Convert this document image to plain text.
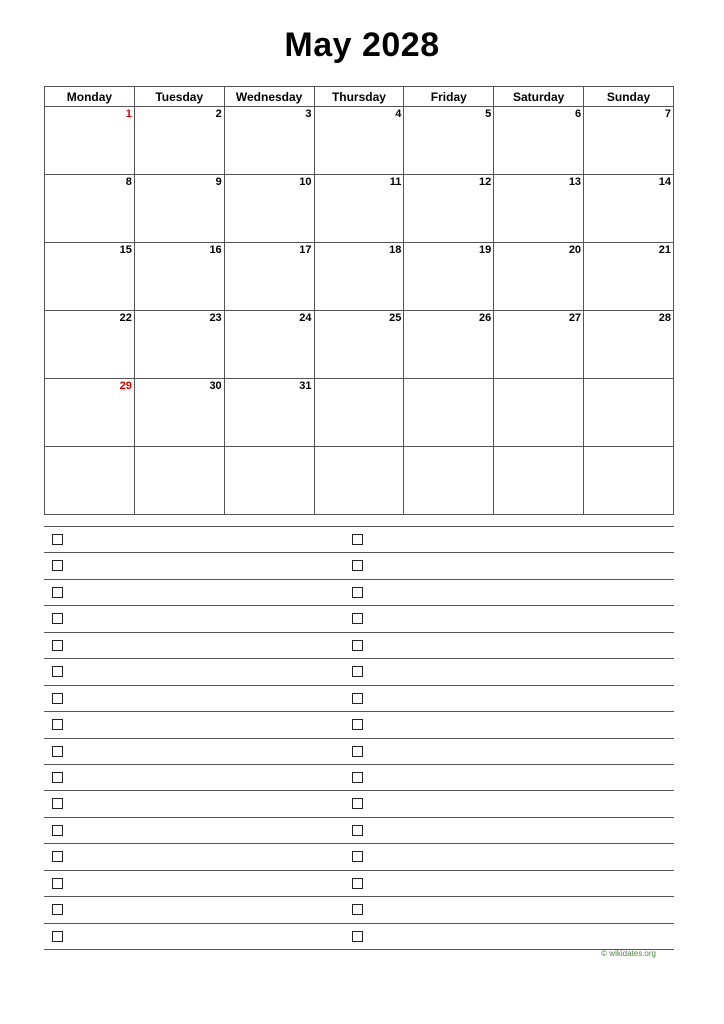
May 2028
Monday	Tuesday	Wednesday	Thursday	Friday	Saturday	Sunday

1	2	3	4	5	6	7

8	9	10	11	12	13	14

15	16	17	18	19	20	21

22	23	24	25	26	27	28

29	30	31				

© wikidates.org
